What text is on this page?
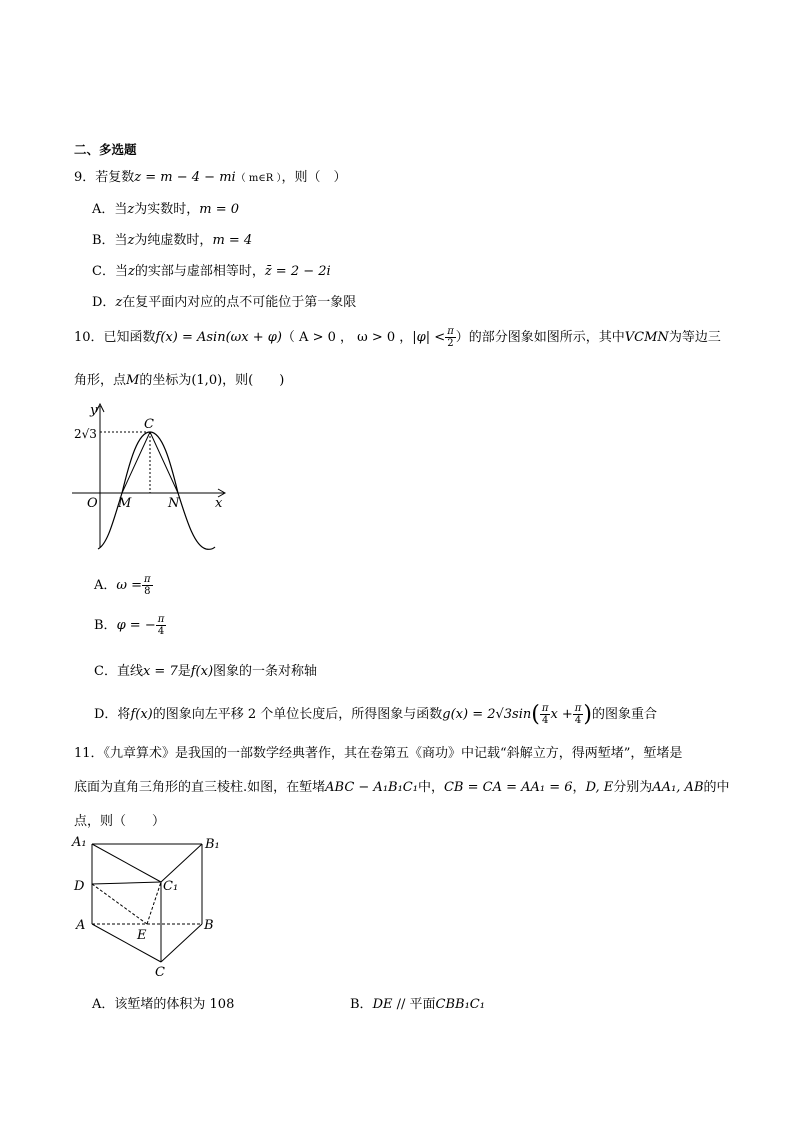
二、多选题
9．若复数z = m − 4 − mi（ m∈R ），则（　）
A．当z为实数时，m = 0
B．当z为纯虚数时，m = 4
C．当z的实部与虚部相等时，z̄ = 2 − 2i
D．z在复平面内对应的点不可能位于第一象限
10．已知函数f(x) = Asin(ωx + φ)（ A > 0 ， ω > 0 ，$|\varphi| < \frac{\pi}{2}$ ）的部分图象如图所示，其中VCMN为等边三
角形，点M的坐标为(1,0)，则(　　)
y
x
O M	N
C
2√3
A．$\omega = \frac{\pi}{8}$
B．φ = − $\frac{\pi}{4}$
C．直线x = 7是f(x)图象的一条对称轴
D．将f(x)的图象向左平移 2 个单位长度后，所得图象与函数$g(x) = 2√3\sin( \frac{\pi}{4}$ $x + \frac{\pi}{4}$ )的图象重合
11．《九章算术》是我国的一部数学经典著作，其在卷第五《商功》中记载“斜解立方，得两堑堵”，堑堵是
底面为直角三角形的直三棱柱.如图，在堑堵ABC − A₁B₁C₁中，CB = CA = AA₁ = 6，D, E分别为AA₁, AB的中
点，则（　　）
A₁	B₁
C₁
D
A	B
E
C
A．该堑堵的体积为 108	B．DE // 平面CBB₁C₁
